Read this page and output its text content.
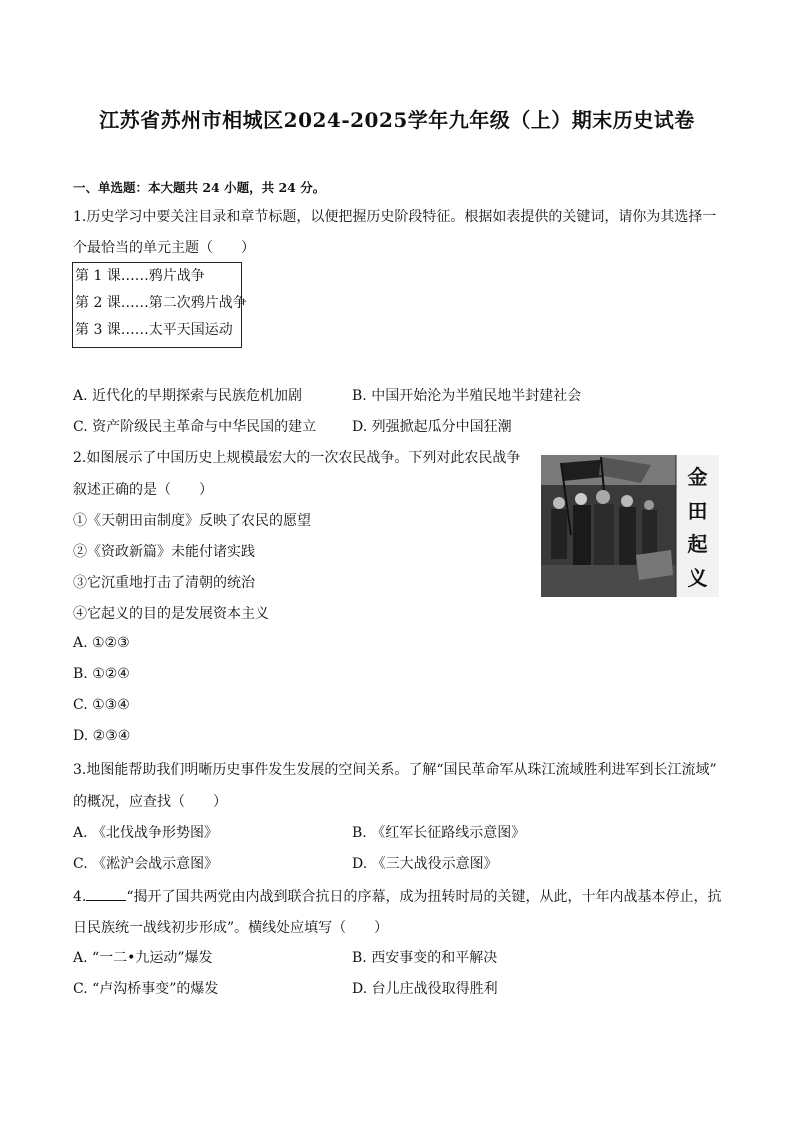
江苏省苏州市相城区2024-2025学年九年级（上）期末历史试卷
一、单选题：本大题共 24 小题，共 24 分。
1.历史学习中要关注目录和章节标题，以便把握历史阶段特征。根据如表提供的关键词，请你为其选择一
个最恰当的单元主题（　　）
第 1 课……鸦片战争
第 2 课……第二次鸦片战争
第 3 课……太平天国运动
A. 近代化的早期探索与民族危机加剧	B. 中国开始沦为半殖民地半封建社会
C. 资产阶级民主革命与中华民国的建立	D. 列强掀起瓜分中国狂潮
2.如图展示了中国历史上规模最宏大的一次农民战争。下列对此农民战争
叙述正确的是（　　）
①《天朝田亩制度》反映了农民的愿望
②《资政新篇》未能付诸实践
③它沉重地打击了清朝的统治
④它起义的目的是发展资本主义
A. ①②③
B. ①②④
C. ①③④
D. ②③④
金
田
起
义
3.地图能帮助我们明晰历史事件发生发展的空间关系。了解“国民革命军从珠江流域胜利进军到长江流域”
的概况，应查找（　　）
A. 《北伐战争形势图》	B. 《红军长征路线示意图》
C. 《淞沪会战示意图》	D. 《三大战役示意图》
4.	“揭开了国共两党由内战到联合抗日的序幕，成为扭转时局的关键，从此，十年内战基本停止，抗
日民族统一战线初步形成”。横线处应填写（　　）
A. “一二•九运动”爆发	B. 西安事变的和平解决
C. “卢沟桥事变”的爆发	D. 台儿庄战役取得胜利
